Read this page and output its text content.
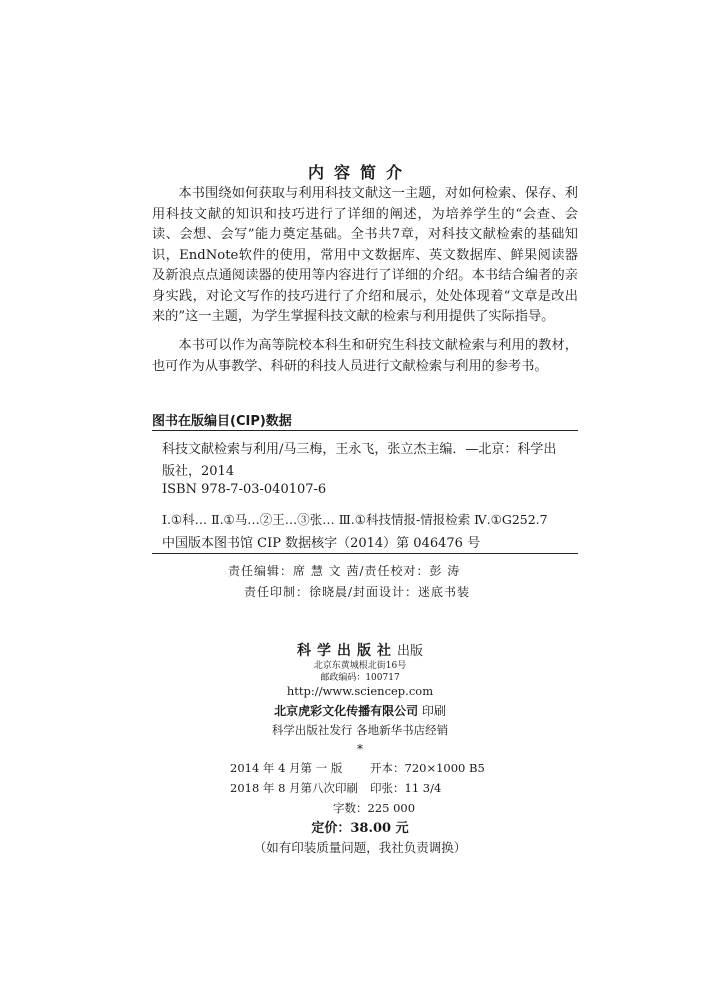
内容简介

本书围绕如何获取与利用科技文献这一主题，对如何检索、保存、利用科技文献的知识和技巧进行了详细的阐述，为培养学生的“会查、会读、会想、会写”能力奠定基础。全书共7章，对科技文献检索的基础知识，EndNote软件的使用，常用中文数据库、英文数据库、鲜果阅读器及新浪点点通阅读器的使用等内容进行了详细的介绍。本书结合编者的亲身实践，对论文写作的技巧进行了介绍和展示，处处体现着“文章是改出来的”这一主题，为学生掌握科技文献的检索与利用提供了实际指导。

本书可以作为高等院校本科生和研究生科技文献检索与利用的教材，也可作为从事教学、科研的科技人员进行文献检索与利用的参考书。

图书在版编目(CIP)数据
科技文献检索与利用/马三梅，王永飞，张立杰主编．—北京：科学出
版社，2014
ISBN 978-7-03-040107-6
Ⅰ.①科… Ⅱ.①马…②王…③张… Ⅲ.①科技情报-情报检索 Ⅳ.①G252.7
中国版本图书馆 CIP 数据核字（2014）第 046476 号
责任编辑：席 慧 文 茜/责任校对：彭 涛
责任印制：徐晓晨/封面设计：迷底书装
科学出版社出版
北京东黄城根北街16号
邮政编码：100717
http://www.sciencep.com
北京虎彩文化传播有限公司 印刷
科学出版社发行 各地新华书店经销
*
2014 年 4 月第 一 版 开本：720×1000 B5
2018 年 8 月第八次印刷 印张：11 3/4
字数：225 000
定价：38.00 元
（如有印装质量问题，我社负责调换）
